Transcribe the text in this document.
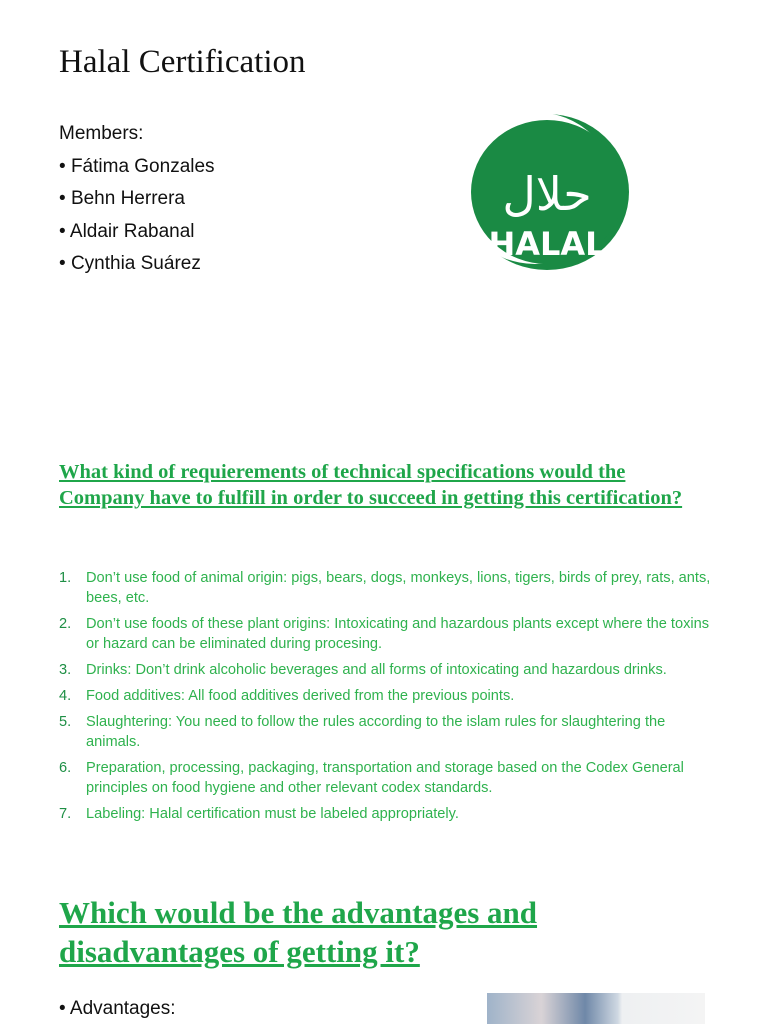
Halal Certification
Members:
• Fátima Gonzales
• Behn Herrera
• Aldair Rabanal
• Cynthia Suárez
حلال
HALAL
What kind of requierements of technical specifications would the Company have to fulfill in order to succeed in getting this certification?
1. Don’t use food of animal origin: pigs, bears, dogs, monkeys, lions, tigers, birds of prey, rats, ants, bees, etc.
2. Don’t use foods of these plant origins: Intoxicating and hazardous plants except where the toxins or hazard can be eliminated during procesing.
3. Drinks: Don’t drink alcoholic beverages and all forms of intoxicating and hazardous drinks.
4. Food additives: All food additives derived from the previous points.
5. Slaughtering: You need to follow the rules according to the islam rules for slaughtering the animals.
6. Preparation, processing, packaging, transportation and storage based on the Codex General principles on food hygiene and other relevant codex standards.
7. Labeling: Halal certification must be labeled appropriately.
Which would be the advantages and disadvantages of getting it?
• Advantages:
